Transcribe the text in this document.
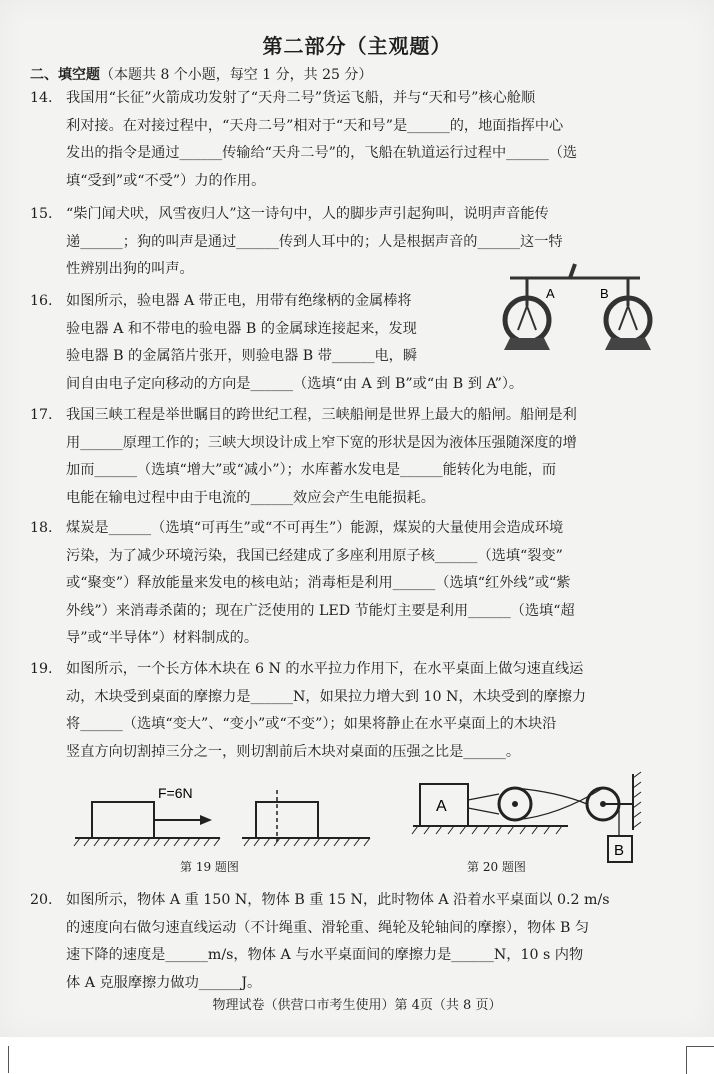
第二部分（主观题）
二、填空题（本题共 8 个小题，每空 1 分，共 25 分）
14. 我国用“长征”火箭成功发射了“天舟二号”货运飞船，并与“天和号”核心舱顺
利对接。在对接过程中，“天舟二号”相对于“天和号”是______的，地面指挥中心
发出的指令是通过______传输给“天舟二号”的，飞船在轨道运行过程中______（选
填“受到”或“不受”）力的作用。
15. “柴门闻犬吠，风雪夜归人”这一诗句中，人的脚步声引起狗叫，说明声音能传
递______；狗的叫声是通过______传到人耳中的；人是根据声音的______这一特
性辨别出狗的叫声。
16. 如图所示，验电器 A 带正电，用带有绝缘柄的金属棒将
验电器 A 和不带电的验电器 B 的金属球连接起来，发现
验电器 B 的金属箔片张开，则验电器 B 带______电，瞬
间自由电子定向移动的方向是______（选填“由 A 到 B”或“由 B 到 A”）。
A	B
17. 我国三峡工程是举世瞩目的跨世纪工程，三峡船闸是世界上最大的船闸。船闸是利
用______原理工作的；三峡大坝设计成上窄下宽的形状是因为液体压强随深度的增
加而______（选填“增大”或“减小”）；水库蓄水发电是______能转化为电能，而
电能在输电过程中由于电流的______效应会产生电能损耗。
18. 煤炭是______（选填“可再生”或“不可再生”）能源，煤炭的大量使用会造成环境
污染，为了减少环境污染，我国已经建成了多座利用原子核______（选填“裂变”
或“聚变”）释放能量来发电的核电站；消毒柜是利用______（选填“红外线”或“紫
外线”）来消毒杀菌的；现在广泛使用的 LED 节能灯主要是利用______（选填“超
导”或“半导体”）材料制成的。
19. 如图所示，一个长方体木块在 6 N 的水平拉力作用下，在水平桌面上做匀速直线运
动，木块受到桌面的摩擦力是______N，如果拉力增大到 10 N，木块受到的摩擦力
将______（选填“变大”、“变小”或“不变”）；如果将静止在水平桌面上的木块沿
竖直方向切割掉三分之一，则切割前后木块对桌面的压强之比是______。
F=6N
第 19 题图
A
B
第 20 题图
20. 如图所示，物体 A 重 150 N，物体 B 重 15 N，此时物体 A 沿着水平桌面以 0.2 m/s
的速度向右做匀速直线运动（不计绳重、滑轮重、绳轮及轮轴间的摩擦），物体 B 匀
速下降的速度是______m/s，物体 A 与水平桌面间的摩擦力是______N，10 s 内物
体 A 克服摩擦力做功______J。
物理试卷（供营口市考生使用）第 4页（共 8 页）
